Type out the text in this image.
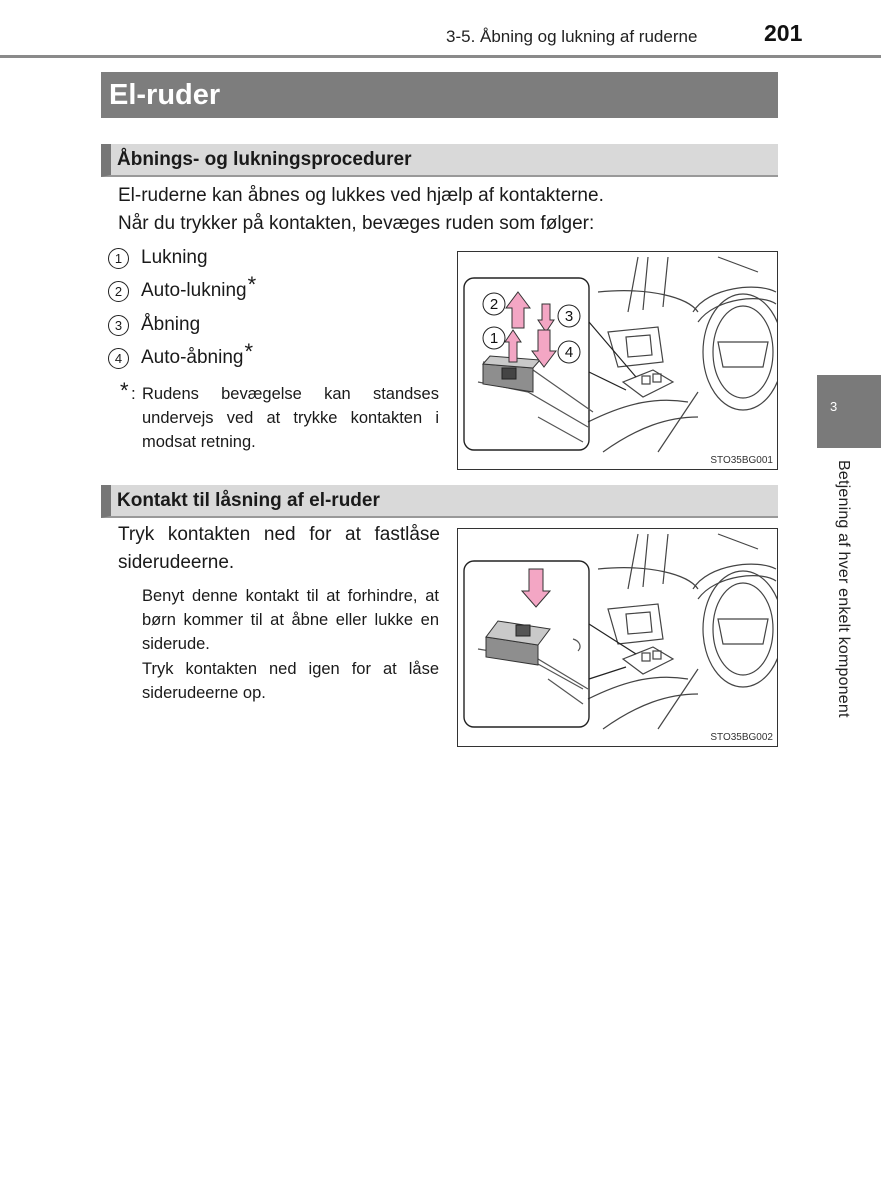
3-5. Åbning og lukning af ruderne	201
El-ruder
Åbnings- og lukningsprocedurer
El-ruderne kan åbnes og lukkes ved hjælp af kontakterne.
Når du trykker på kontakten, bevæges ruden som følger:
1 Lukning
2 Auto-lukning *
3 Åbning
4 Auto-åbning *
* : Rudens bevægelse kan standses undervejs ved at trykke kontakten i modsat retning.
2
3
1
4
STO35BG001
Kontakt til låsning af el-ruder
Tryk kontakten ned for at fastlåse siderudeerne.
Benyt denne kontakt til at forhindre, at børn kommer til at åbne eller lukke en siderude.
Tryk kontakten ned igen for at låse siderudeerne op.
STO35BG002
3
Betjening af hver enkelt komponent
